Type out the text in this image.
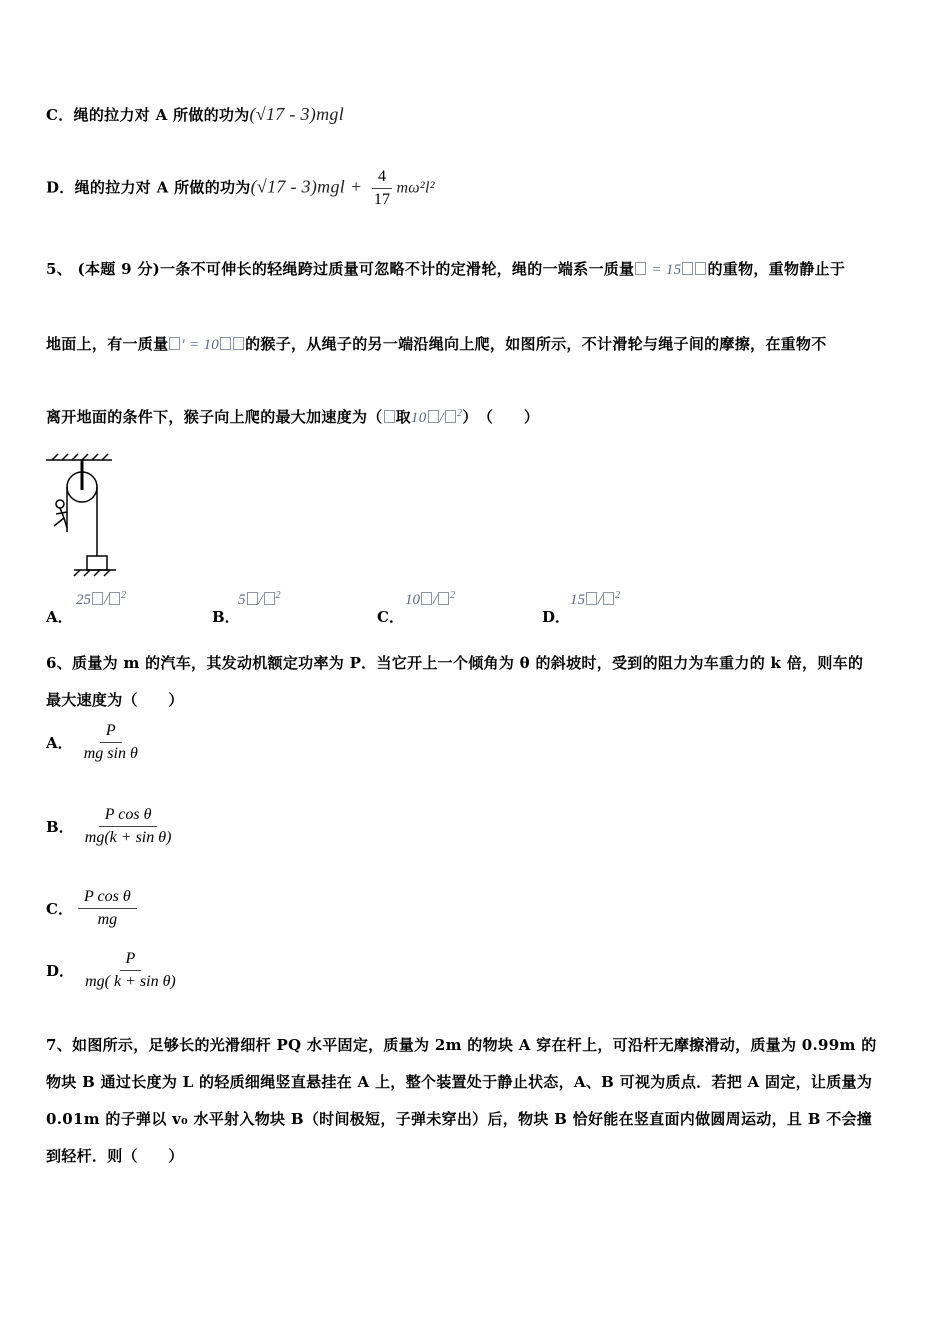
C．绳的拉力对 A 所做的功为(√17 - 3)mgl
D．绳的拉力对 A 所做的功为$(√17 - 3)mgl + \frac{4}{17} m\omega^2l^2$
5、 (本题 9 分)一条不可伸长的轻绳跨过质量可忽略不计的定滑轮，绳的一端系一质量 = 15 的重物，重物静止于
地面上，有一质量 ′ = 10 的猴子，从绳子的另一端沿绳向上爬，如图所示，不计滑轮与绳子间的摩擦，在重物不
离开地面的条件下，猴子向上爬的最大加速度为（ 取10 / $^2$）　（　　）
A．
25 / $^2$
B．
5 / $^2$
C．
10 / $^2$
D．
15 / $^2$
6、质量为 m 的汽车，其发动机额定功率为 P．当它开上一个倾角为 θ 的斜坡时，受到的阻力为车重力的 k 倍，则车的
最大速度为（　　）
A． $\frac{P}{\text{mg sin θ}}$
B． $\frac{\text{P cos θ}}{\text{mg(k + sin θ)}}$
C． $\frac{\text{P cos θ}}{mg}$
D． $\frac{P}{\text{mg( k + sin θ)}}$
7、如图所示，足够长的光滑细杆 PQ 水平固定，质量为 2m 的物块 A 穿在杆上，可沿杆无摩擦滑动，质量为 0.99m 的
物块 B 通过长度为 L 的轻质细绳竖直悬挂在 A 上，整个装置处于静止状态，A、B 可视为质点．若把 A 固定，让质量为
0.01m 的子弹以 v₀ 水平射入物块 B（时间极短，子弹未穿出）后，物块 B 恰好能在竖直面内做圆周运动，且 B 不会撞
到轻杆．则（　　）
